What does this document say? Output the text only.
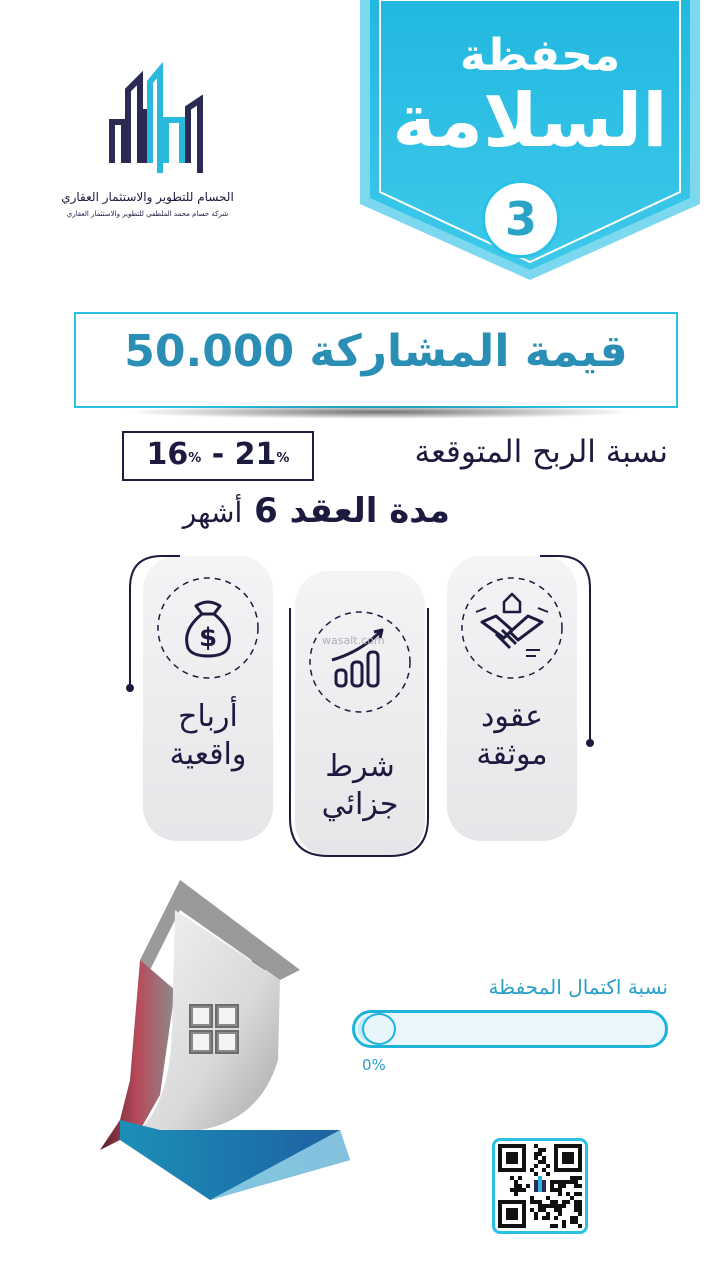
الحسام للتطوير والاستثمار العقاري
شركة حسام محمد الملطفي للتطوير والاستثمار العقاري
محفظة
السلامة
3
قيمة المشاركة 50.000
نسبة الربح المتوقعة
16% - 21%
مدة العقد 6 أشهر
$
أرباح
واقعية	شرط
جزائي
عقود
موثقة
wasalt.com
نسبة اكتمال المحفظة
0%
